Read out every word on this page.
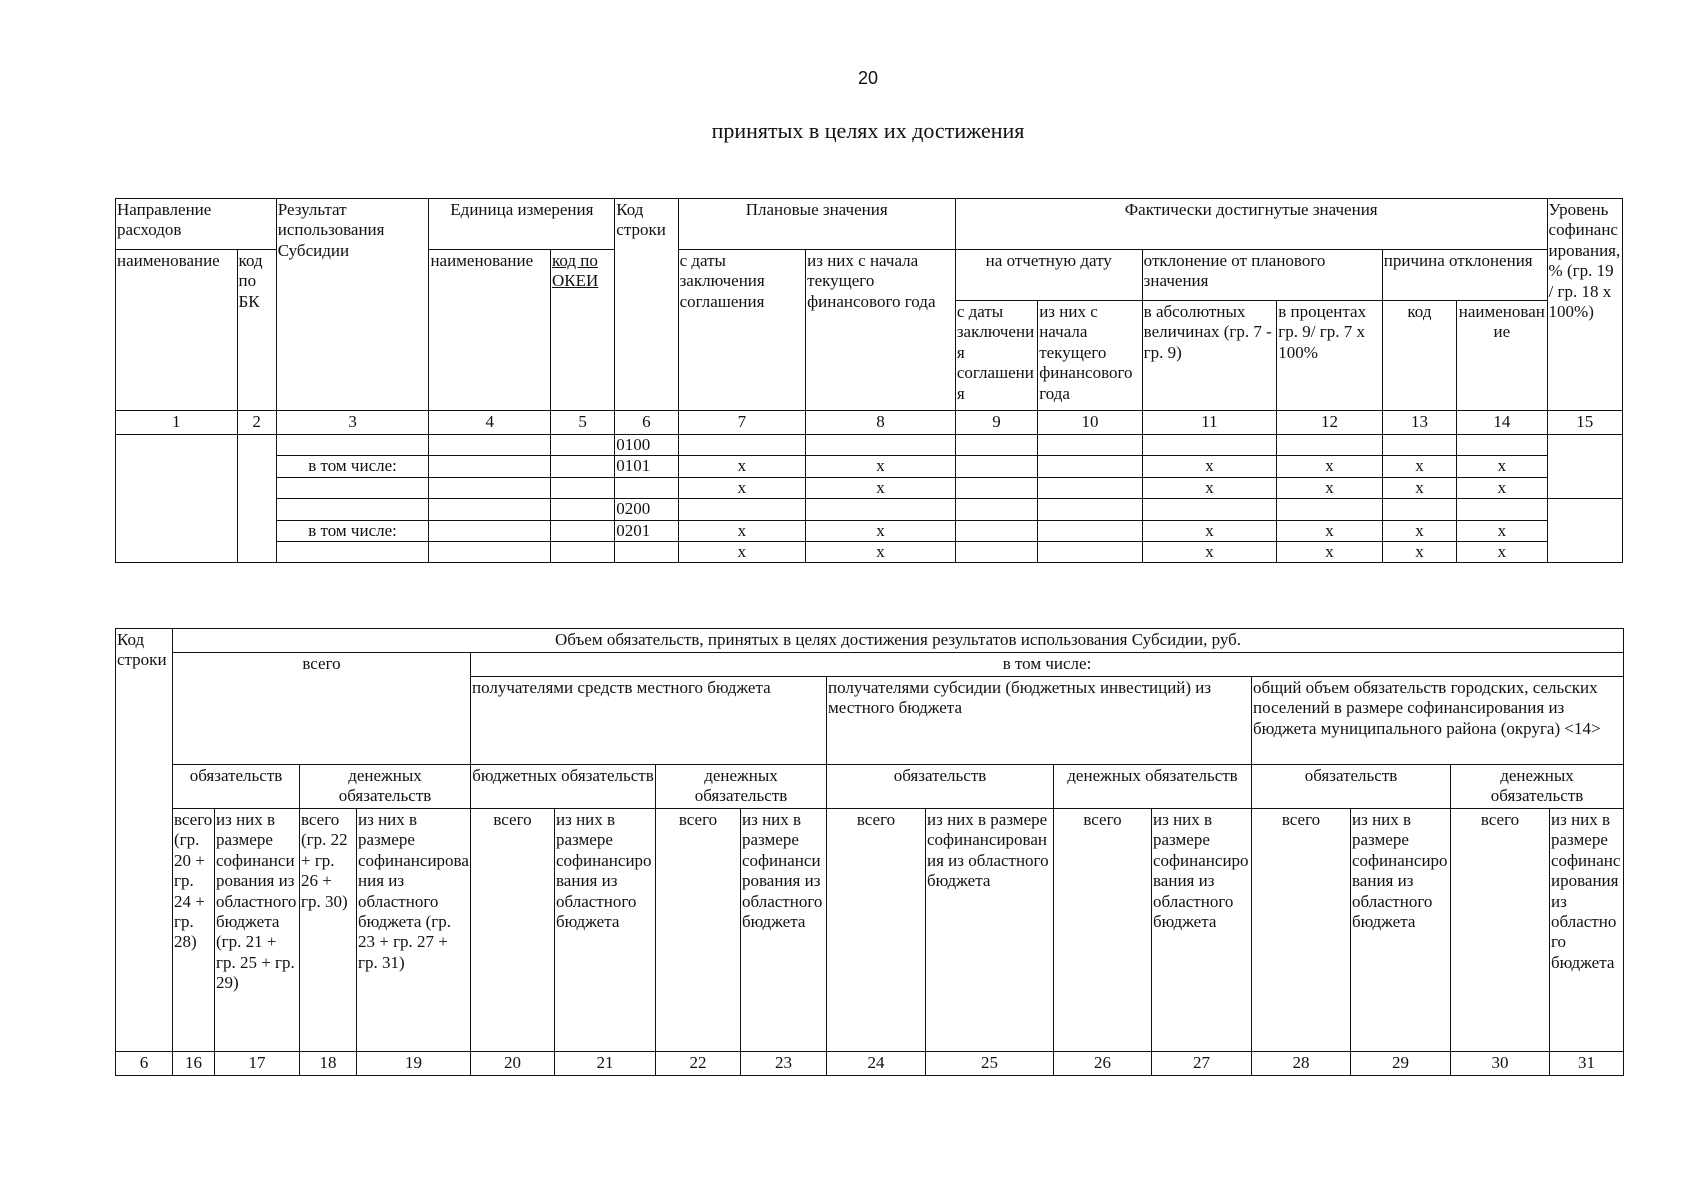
20
принятых в целях их достижения
Направление расходов		Результат использования Субсидии	Единица измерения		Код строки	Плановые значения		Фактически достигнутые значения						Уровень софинансирования, % (гр. 19 / гр. 18 х 100%)
наименование	код по БК		наименование	код по ОКЕИ		с даты заключения соглашения	из них с начала текущего финансового года	на отчетную дату		отклонение от планового значения		причина отклонения		
								с даты заключения соглашения	из них с начала текущего финансового года	в абсолютных величинах (гр. 7 - гр. 9)	в процентах гр. 9/ гр. 7 х 100%	код	наименование	
1	2	3	4	5	6	7	8	9	10	11	12	13	14	15
					0100									
		в том числе:			0101	x	x			x	x	x	x	
						x	x			x	x	x	x	
					0200									
		в том числе:			0201	x	x			x	x	x	x	
						x	x			x	x	x	x	
Код строки	Объем обязательств, принятых в целях достижения результатов использования Субсидии, руб.															
	всего				в том числе:											
					получателями средств местного бюджета				получателями субсидии (бюджетных инвестиций) из местного бюджета				общий объем обязательств городских, сельских поселений в размере софинансирования из бюджета муниципального района (округа) <14>			
	обязательств		денежных обязательств		бюджетных обязательств		денежных обязательств		обязательств		денежных обязательств		обязательств		денежных обязательств	
	всего (гр. 20 + гр. 24 + гр. 28)	из них в размере софинансирования из областного бюджета (гр. 21 + гр. 25 + гр. 29)	всего (гр. 22 + гр. 26 + гр. 30)	из них в размере софинансирования из областного бюджета (гр. 23 + гр. 27 + гр. 31)	всего	из них в размере софинансирования из областного бюджета	всего	из них в размере софинансирования из областного бюджета	всего	из них в размере софинансирования из областного бюджета	всего	из них в размере софинансирования из областного бюджета	всего	из них в размере софинансирования из областного бюджета	всего	из них в размере софинансирования из областного бюджета
6	16	17	18	19	20	21	22	23	24	25	26	27	28	29	30	31
